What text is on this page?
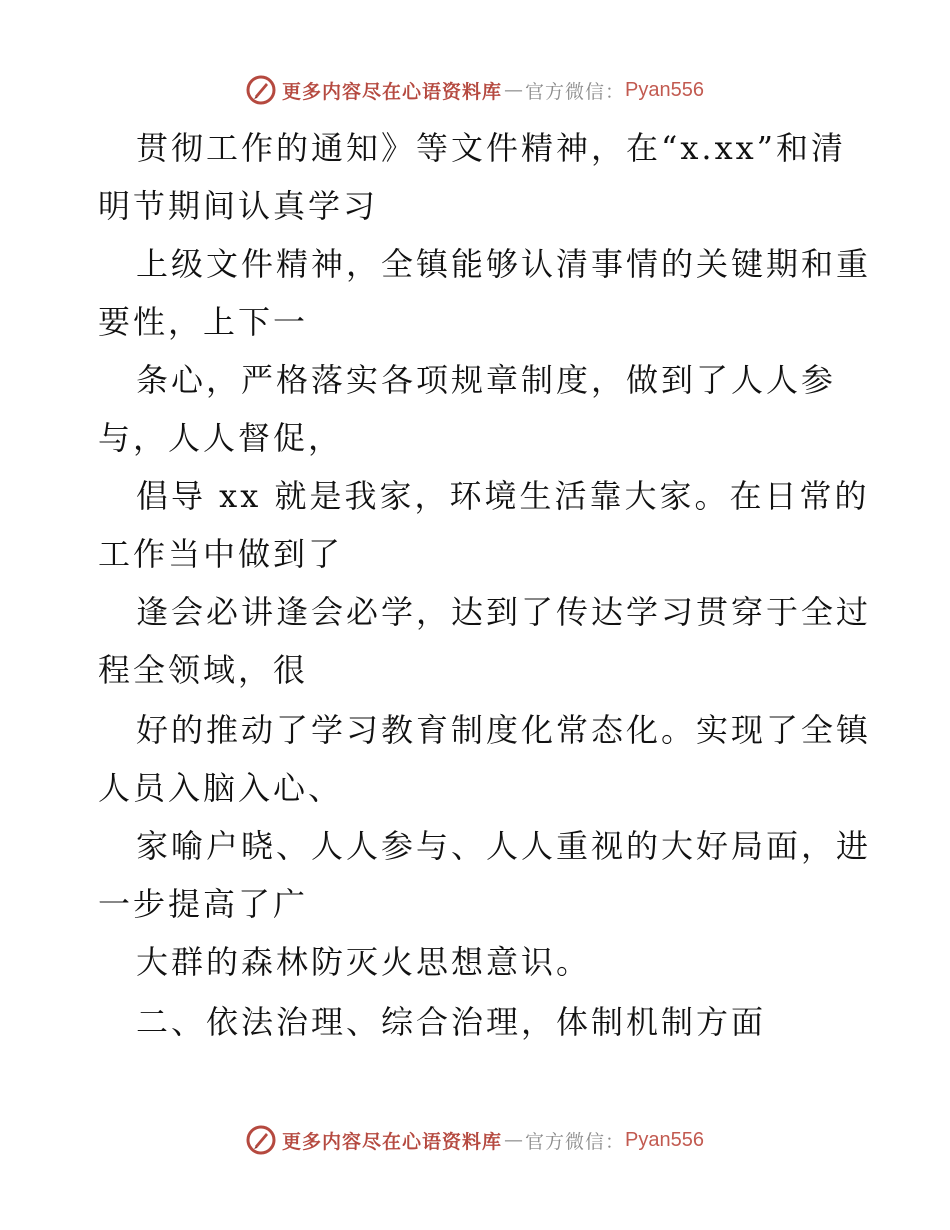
更多内容尽在心语资料库 — 官方微信： Pyan556
贯彻工作的通知》等文件精神，在“x.xx”和清
明节期间认真学习
上级文件精神，全镇能够认清事情的关键期和重
要性，上下一
条心，严格落实各项规章制度，做到了人人参
与，人人督促，
倡导 xx 就是我家，环境生活靠大家。在日常的
工作当中做到了
逢会必讲逢会必学，达到了传达学习贯穿于全过
程全领域，很
好的推动了学习教育制度化常态化。实现了全镇
人员入脑入心、
家喻户晓、人人参与、人人重视的大好局面，进
一步提高了广
大群的森林防灭火思想意识。
二、依法治理、综合治理，体制机制方面
更多内容尽在心语资料库 — 官方微信： Pyan556
